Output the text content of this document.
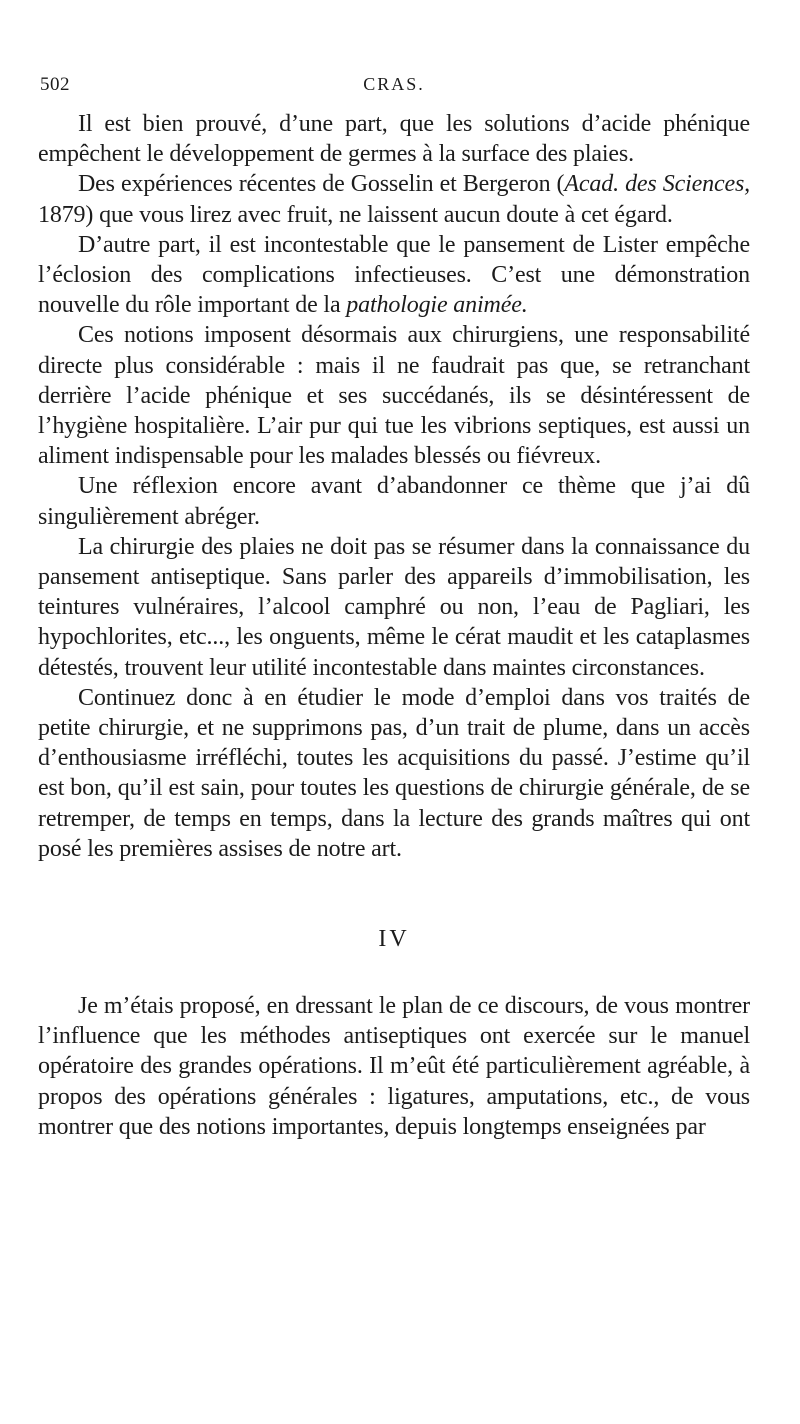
502	CRAS.

Il est bien prouvé, d’une part, que les solutions d’acide phénique empêchent le développement de germes à la surface des plaies.

Des expériences récentes de Gosselin et Bergeron (Acad. des Sciences, 1879) que vous lirez avec fruit, ne laissent aucun doute à cet égard.

D’autre part, il est incontestable que le pansement de Lister empêche l’éclosion des complications infectieuses. C’est une démonstration nouvelle du rôle important de la pathologie animée.

Ces notions imposent désormais aux chirurgiens, une responsabilité directe plus considérable : mais il ne faudrait pas que, se retranchant derrière l’acide phénique et ses succédanés, ils se désintéressent de l’hygiène hospitalière. L’air pur qui tue les vibrions septiques, est aussi un aliment indispensable pour les malades blessés ou fiévreux.

Une réflexion encore avant d’abandonner ce thème que j’ai dû singulièrement abréger.

La chirurgie des plaies ne doit pas se résumer dans la connaissance du pansement antiseptique. Sans parler des appareils d’immobilisation, les teintures vulnéraires, l’alcool camphré ou non, l’eau de Pagliari, les hypochlorites, etc..., les onguents, même le cérat maudit et les cataplasmes détestés, trouvent leur utilité incontestable dans maintes circonstances.

Continuez donc à en étudier le mode d’emploi dans vos traités de petite chirurgie, et ne supprimons pas, d’un trait de plume, dans un accès d’enthousiasme irréfléchi, toutes les acquisitions du passé. J’estime qu’il est bon, qu’il est sain, pour toutes les questions de chirurgie générale, de se retremper, de temps en temps, dans la lecture des grands maîtres qui ont posé les premières assises de notre art.

IV

Je m’étais proposé, en dressant le plan de ce discours, de vous montrer l’influence que les méthodes antiseptiques ont exercée sur le manuel opératoire des grandes opérations. Il m’eût été particulièrement agréable, à propos des opérations générales : ligatures, amputations, etc., de vous montrer que des notions importantes, depuis longtemps enseignées par
